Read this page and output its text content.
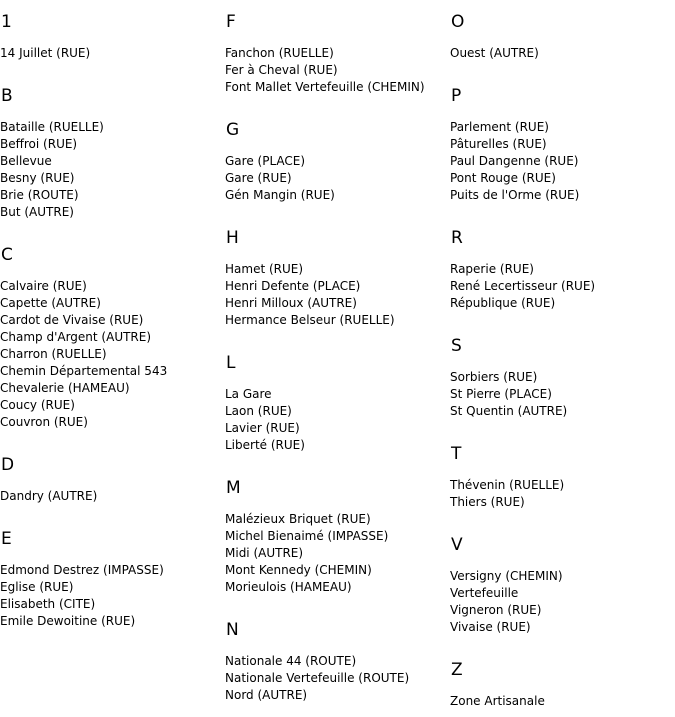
1
14 Juillet (RUE)
B
Bataille (RUELLE)
Beffroi (RUE)
Bellevue
Besny (RUE)
Brie (ROUTE)
But (AUTRE)
C
Calvaire (RUE)
Capette (AUTRE)
Cardot de Vivaise (RUE)
Champ d'Argent (AUTRE)
Charron (RUELLE)
Chemin Départemental 543
Chevalerie (HAMEAU)
Coucy (RUE)
Couvron (RUE)
D
Dandry (AUTRE)
E
Edmond Destrez (IMPASSE)
Eglise (RUE)
Elisabeth (CITE)
Emile Dewoitine (RUE)
F
Fanchon (RUELLE)
Fer à Cheval (RUE)
Font Mallet Vertefeuille (CHEMIN)
G
Gare (PLACE)
Gare (RUE)
Gén Mangin (RUE)
H
Hamet (RUE)
Henri Defente (PLACE)
Henri Milloux (AUTRE)
Hermance Belseur (RUELLE)
L
La Gare
Laon (RUE)
Lavier (RUE)
Liberté (RUE)
M
Malézieux Briquet (RUE)
Michel Bienaimé (IMPASSE)
Midi (AUTRE)
Mont Kennedy (CHEMIN)
Morieulois (HAMEAU)
N
Nationale 44 (ROUTE)
Nationale Vertefeuille (ROUTE)
Nord (AUTRE)
O
Ouest (AUTRE)
P
Parlement (RUE)
Pâturelles (RUE)
Paul Dangenne (RUE)
Pont Rouge (RUE)
Puits de l'Orme (RUE)
R
Raperie (RUE)
René Lecertisseur (RUE)
République (RUE)
S
Sorbiers (RUE)
St Pierre (PLACE)
St Quentin (AUTRE)
T
Thévenin (RUELLE)
Thiers (RUE)
V
Versigny (CHEMIN)
Vertefeuille
Vigneron (RUE)
Vivaise (RUE)
Z
Zone Artisanale
